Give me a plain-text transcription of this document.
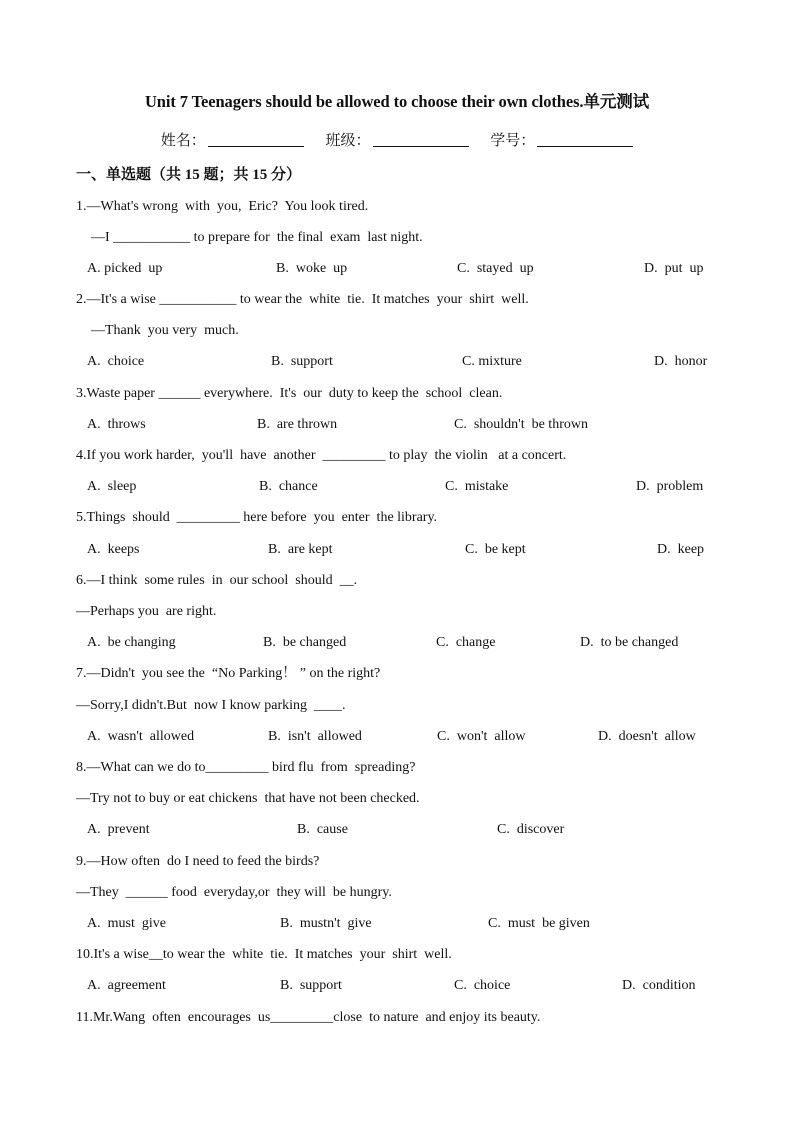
Unit 7 Teenagers should be allowed to choose their own clothes.单元测试
姓名：	班级：	学号：
一、单选题（共 15 题；共 15 分）
1.—What's wrong  with  you,  Eric?  You look tired.
—I ___________ to prepare for  the final  exam  last night.
A. picked  up	B.  woke  up	C.  stayed  up	D.  put  up
2.—It's a wise ___________ to wear the  white  tie.  It matches  your  shirt  well.
—Thank  you very  much.
A.  choice	B.  support	C. mixture	D.  honor
3.Waste paper ______ everywhere.  It's  our  duty to keep the  school  clean.
A.  throws	B.  are thrown	C.  shouldn't  be thrown
4.If you work harder,  you'll  have  another  _________ to play  the violin   at a concert.
A.  sleep	B.  chance	C.  mistake	D.  problem
5.Things  should  _________ here before  you  enter  the library.
A.  keeps	B.  are kept	C.  be kept	D.  keep
6.—I think  some rules  in  our school  should  __.
—Perhaps you  are right.
A.  be changing	B.  be changed	C.  change	D.  to be changed
7.—Didn't  you see the  “No Parking！ ” on the right?
—Sorry,I didn't.But  now I know parking  ____.
A.  wasn't  allowed	B.  isn't  allowed	C.  won't  allow	D.  doesn't  allow
8.—What can we do to_________ bird flu  from  spreading?
—Try not to buy or eat chickens  that have not been checked.
A.  prevent	B.  cause	C.  discover
9.—How often  do I need to feed the birds?
—They  ______ food  everyday,or  they will  be hungry.
A.  must  give	B.  mustn't  give	C.  must  be given
10.It's a wise__to wear the  white  tie.  It matches  your  shirt  well.
A.  agreement	B.  support	C.  choice	D.  condition
11.Mr.Wang  often  encourages  us_________close  to nature  and enjoy its beauty.
